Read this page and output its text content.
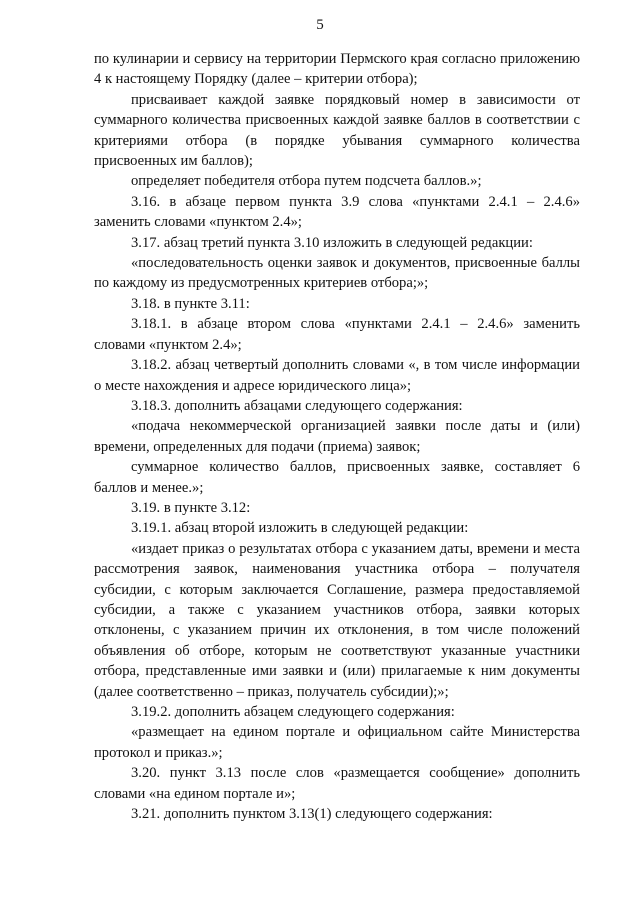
5

по кулинарии и сервису на территории Пермского края согласно приложению 4 к настоящему Порядку (далее – критерии отбора);

присваивает каждой заявке порядковый номер в зависимости от суммарного количества присвоенных каждой заявке баллов в соответствии с критериями отбора (в порядке убывания суммарного количества присвоенных им баллов);

определяет победителя отбора путем подсчета баллов.»;

3.16. в абзаце первом пункта 3.9 слова «пунктами 2.4.1 – 2.4.6» заменить словами «пунктом 2.4»;

3.17. абзац третий пункта 3.10 изложить в следующей редакции:

«последовательность оценки заявок и документов, присвоенные баллы по каждому из предусмотренных критериев отбора;»;

3.18. в пункте 3.11:

3.18.1. в абзаце втором слова «пунктами 2.4.1 – 2.4.6» заменить словами «пунктом 2.4»;

3.18.2. абзац четвертый дополнить словами «, в том числе информации о месте нахождения и адресе юридического лица»;

3.18.3. дополнить абзацами следующего содержания:

«подача некоммерческой организацией заявки после даты и (или) времени, определенных для подачи (приема) заявок;

суммарное количество баллов, присвоенных заявке, составляет 6 баллов и менее.»;

3.19. в пункте 3.12:

3.19.1. абзац второй изложить в следующей редакции:

«издает приказ о результатах отбора с указанием даты, времени и места рассмотрения заявок, наименования участника отбора – получателя субсидии, с которым заключается Соглашение, размера предоставляемой субсидии, а также с указанием участников отбора, заявки которых отклонены, с указанием причин их отклонения, в том числе положений объявления об отборе, которым не соответствуют указанные участники отбора, представленные ими заявки и (или) прилагаемые к ним документы (далее соответственно – приказ, получатель субсидии);»;

3.19.2. дополнить абзацем следующего содержания:

«размещает на едином портале и официальном сайте Министерства протокол и приказ.»;

3.20. пункт 3.13 после слов «размещается сообщение» дополнить словами «на едином портале и»;

3.21. дополнить пунктом 3.13(1) следующего содержания:
